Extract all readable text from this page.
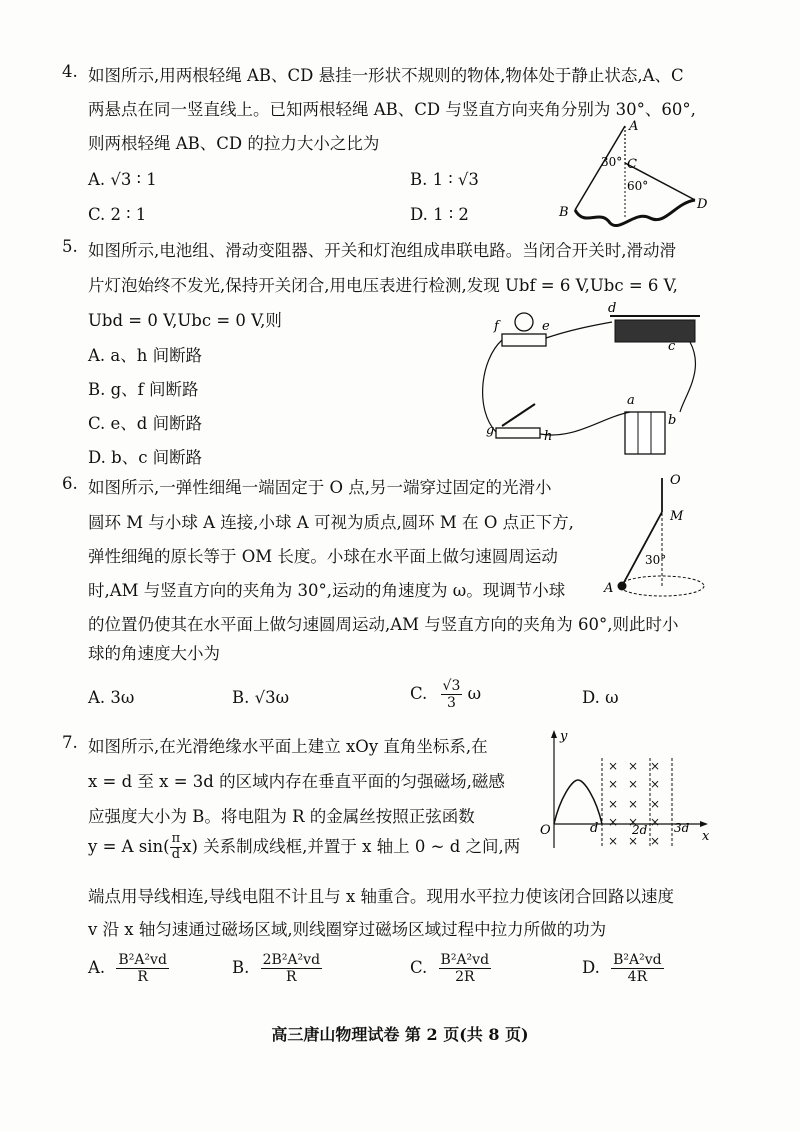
4. 如图所示,用两根轻绳 AB、CD 悬挂一形状不规则的物体,物体处于静止状态,A、C
两悬点在同一竖直线上。已知两根轻绳 AB、CD 与竖直方向夹角分别为 30°、60°,
则两根轻绳 AB、CD 的拉力大小之比为
A. √3 ∶ 1	B. 1 ∶ √3
C. 2 ∶ 1	D. 1 ∶ 2
A
C
B
D
30°
60°
5. 如图所示,电池组、滑动变阻器、开关和灯泡组成串联电路。当闭合开关时,滑动滑
片灯泡始终不发光,保持开关闭合,用电压表进行检测,发现 Ubf = 6 V,Ubc = 6 V,
Ubd = 0 V,Ubc = 0 V,则
A. a、h 间断路
B. g、f 间断路
C. e、d 间断路
D. b、c 间断路
f	e
d
c
a
b
g	h
6. 如图所示,一弹性细绳一端固定于 O 点,另一端穿过固定的光滑小
圆环 M 与小球 A 连接,小球 A 可视为质点,圆环 M 在 O 点正下方,
弹性细绳的原长等于 OM 长度。小球在水平面上做匀速圆周运动
时,AM 与竖直方向的夹角为 30°,运动的角速度为 ω。现调节小球
的位置仍使其在水平面上做匀速圆周运动,AM 与竖直方向的夹角为 60°,则此时小
球的角速度大小为
A. 3ω	B. √3ω	C. $\frac{√3}{3}$ ω	D. ω
O
M
A
30°
7. 如图所示,在光滑绝缘水平面上建立 xOy 直角坐标系,在
x = d 至 x = 3d 的区域内存在垂直平面的匀强磁场,磁感
应强度大小为 B。将电阻为 R 的金属丝按照正弦函数
y = A $\sin( \frac{\pi}{d} x)$ 关系制成线框,并置于 x 轴上 0 ~ d 之间,两
端点用导线相连,导线电阻不计且与 x 轴重合。现用水平拉力使该闭合回路以速度
v 沿 x 轴匀速通过磁场区域,则线圈穿过磁场区域过程中拉力所做的功为
A. $\frac{\text{B²A²vd}}{R}$	B. $\frac{\text{2B²A²vd}}{R}$	C. $\frac{\text{B²A²vd}}{2R}$	D. $\frac{\text{B²A²vd}}{4R}$
× × ×
× × ×
× × ×
× × ×
× × ×
y
x
O	d	2d 3d
高三唐山物理试卷 第 2 页(共 8 页)
